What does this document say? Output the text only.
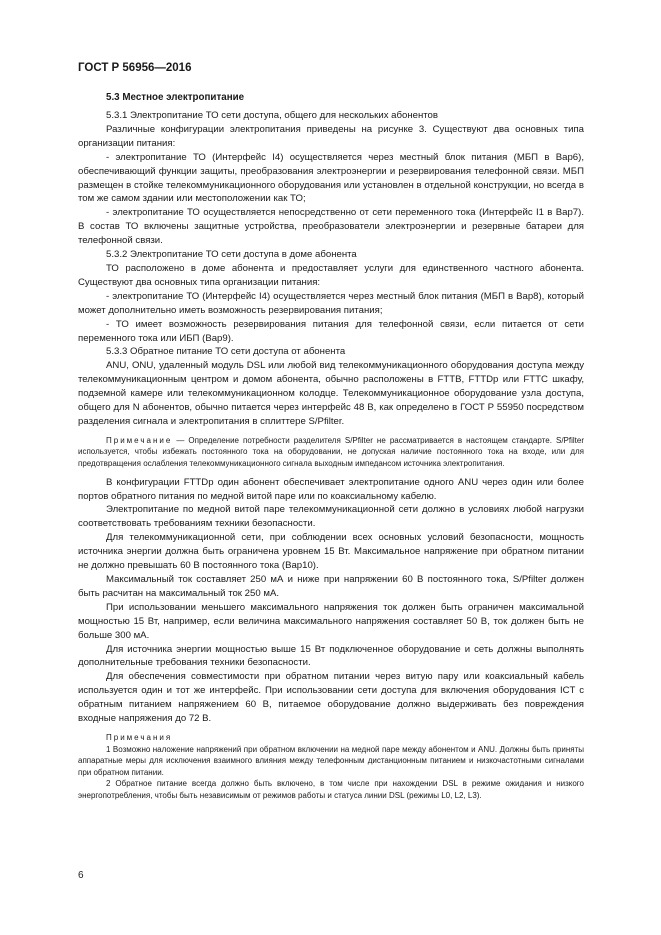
ГОСТ Р 56956—2016
5.3 Местное электропитание

5.3.1 Электропитание ТО сети доступа, общего для нескольких абонентов

Различные конфигурации электропитания приведены на рисунке 3. Существуют два основных типа организации питания:

- электропитание ТО (Интерфейс I4) осуществляется через местный блок питания (МБП в Вар6), обеспечивающий функции защиты, преобразования электроэнергии и резервирования телефонной связи. МБП размещен в стойке телекоммуникационного оборудования или установлен в отдельной конструкции, но всегда в том же самом здании или местоположении как ТО;

- электропитание ТО осуществляется непосредственно от сети переменного тока (Интерфейс I1 в Вар7). В состав ТО включены защитные устройства, преобразователи электроэнергии и резервные батареи для телефонной связи.

5.3.2 Электропитание ТО сети доступа в доме абонента

ТО расположено в доме абонента и предоставляет услуги для единственного частного абонента. Существуют два основных типа организации питания:

- электропитание ТО (Интерфейс I4) осуществляется через местный блок питания (МБП в Вар8), который может дополнительно иметь возможность резервирования питания;

- ТО имеет возможность резервирования питания для телефонной связи, если питается от сети переменного тока или ИБП (Вар9).

5.3.3 Обратное питание ТО сети доступа от абонента

ANU, ONU, удаленный модуль DSL или любой вид телекоммуникационного оборудования доступа между телекоммуникационным центром и домом абонента, обычно расположены в FTTB, FTTDp или FTTC шкафу, подземной камере или телекоммуникационном колодце. Телекоммуникационное оборудование узла доступа, общего для N абонентов, обычно питается через интерфейс 48 В, как определено в ГОСТ Р 55950 посредством разделения сигнала и электропитания в сплиттере S/Pfilter.

Примечание — Определение потребности разделителя S/Pfilter не рассматривается в настоящем стандарте. S/Pfilter используется, чтобы избежать постоянного тока на оборудовании, не допуская наличие постоянного тока на входе, или для предотвращения ослабления телекоммуникационного сигнала выходным импедансом источника электропитания.

В конфигурации FTTDp один абонент обеспечивает электропитание одного ANU через один или более портов обратного питания по медной витой паре или по коаксиальному кабелю.

Электропитание по медной витой паре телекоммуникационной сети должно в условиях любой нагрузки соответствовать требованиям техники безопасности.

Для телекоммуникационной сети, при соблюдении всех основных условий безопасности, мощность источника энергии должна быть ограничена уровнем 15 Вт. Максимальное напряжение при обратном питании не должно превышать 60 В постоянного тока (Вар10).

Максимальный ток составляет 250 мА и ниже при напряжении 60 В постоянного тока, S/Pfilter должен быть расчитан на максимальный ток 250 мА.

При использовании меньшего максимального напряжения ток должен быть ограничен максимальной мощностью 15 Вт, например, если величина максимального напряжения составляет 50 В, ток должен быть не больше 300 мА.

Для источника энергии мощностью выше 15 Вт подключенное оборудование и сеть должны выполнять дополнительные требования техники безопасности.

Для обеспечения совместимости при обратном питании через витую пару или коаксиальный кабель используется один и тот же интерфейс. При использовании сети доступа для включения оборудования ICT с обратным питанием напряжением 60 В, питаемое оборудование должно выдерживать без повреждения входные напряжения до 72 В.

Примечания

1 Возможно наложение напряжений при обратном включении на медной паре между абонентом и ANU. Должны быть приняты аппаратные меры для исключения взаимного влияния между телефонным дистанционным питанием и низкочастотными сигналами при обратном питании.

2 Обратное питание всегда должно быть включено, в том числе при нахождении DSL в режиме ожидания и низкого энергопотребления, чтобы быть независимым от режимов работы и статуса линии DSL (режимы L0, L2, L3).

6
